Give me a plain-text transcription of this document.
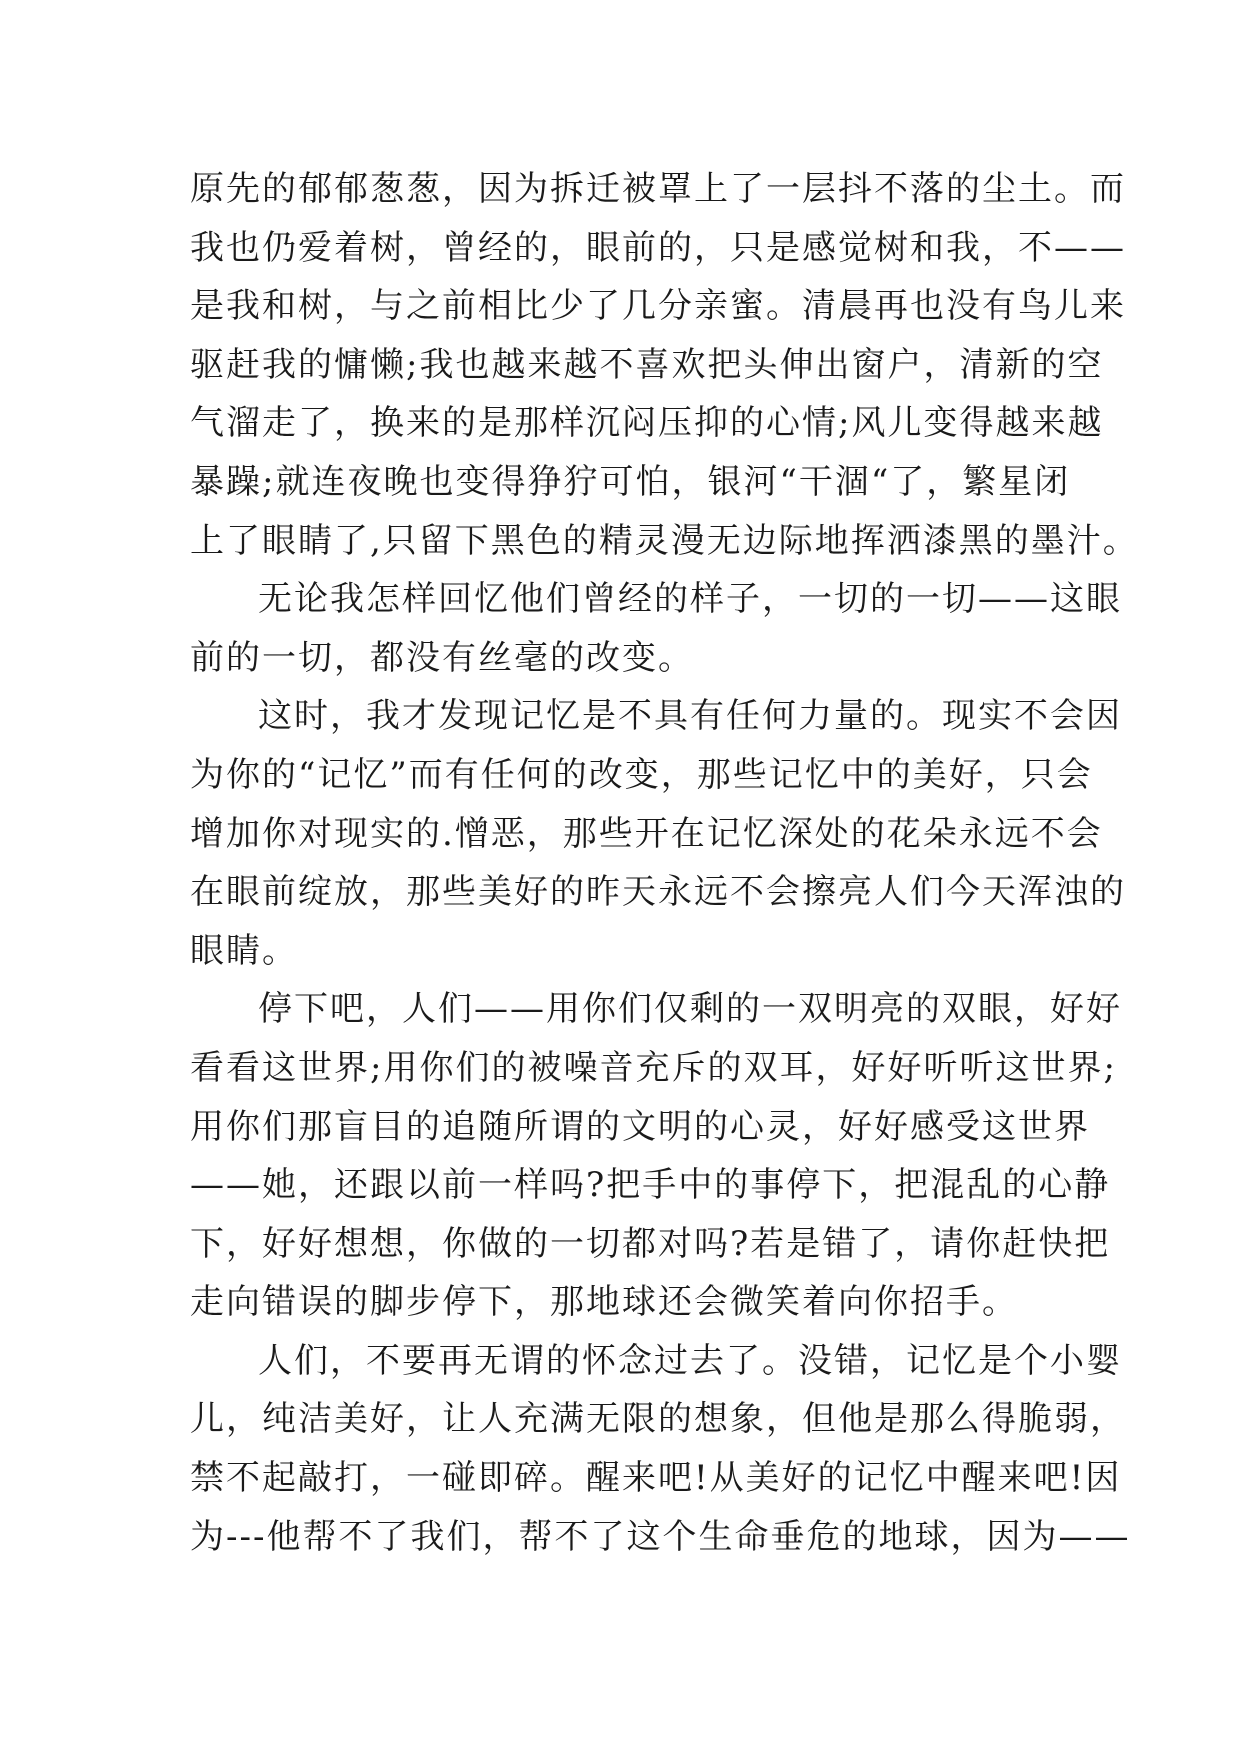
原先的郁郁葱葱，因为拆迁被罩上了一层抖不落的尘土。而
我也仍爱着树，曾经的，眼前的，只是感觉树和我，不——
是我和树，与之前相比少了几分亲蜜。清晨再也没有鸟儿来
驱赶我的慵懒;我也越来越不喜欢把头伸出窗户，清新的空
气溜走了，换来的是那样沉闷压抑的心情;风儿变得越来越
暴躁;就连夜晚也变得狰狞可怕，银河“干涸“了，繁星闭
上了眼睛了,只留下黑色的精灵漫无边际地挥洒漆黑的墨汁。
无论我怎样回忆他们曾经的样子，一切的一切——这眼
前的一切，都没有丝毫的改变。
这时，我才发现记忆是不具有任何力量的。现实不会因
为你的“记忆”而有任何的改变，那些记忆中的美好，只会
增加你对现实的.憎恶，那些开在记忆深处的花朵永远不会
在眼前绽放，那些美好的昨天永远不会擦亮人们今天浑浊的
眼睛。
停下吧，人们——用你们仅剩的一双明亮的双眼，好好
看看这世界;用你们的被噪音充斥的双耳，好好听听这世界;
用你们那盲目的追随所谓的文明的心灵，好好感受这世界
——她，还跟以前一样吗?把手中的事停下，把混乱的心静
下，好好想想，你做的一切都对吗?若是错了，请你赶快把
走向错误的脚步停下，那地球还会微笑着向你招手。
人们，不要再无谓的怀念过去了。没错，记忆是个小婴
儿，纯洁美好，让人充满无限的想象，但他是那么得脆弱，
禁不起敲打，一碰即碎。醒来吧!从美好的记忆中醒来吧!因
为---他帮不了我们，帮不了这个生命垂危的地球，因为——
